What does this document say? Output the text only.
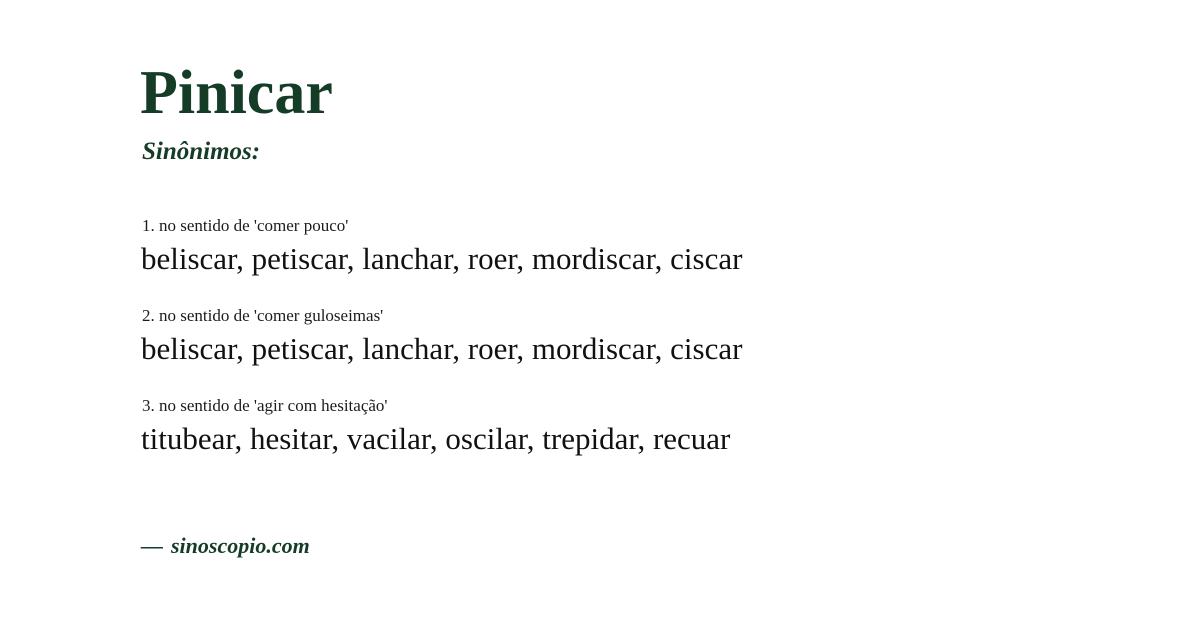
Pinicar
Sinônimos:
1. no sentido de 'comer pouco'
beliscar, petiscar, lanchar, roer, mordiscar, ciscar
2. no sentido de 'comer guloseimas'
beliscar, petiscar, lanchar, roer, mordiscar, ciscar
3. no sentido de 'agir com hesitação'
titubear, hesitar, vacilar, oscilar, trepidar, recuar
— sinoscopio.com
